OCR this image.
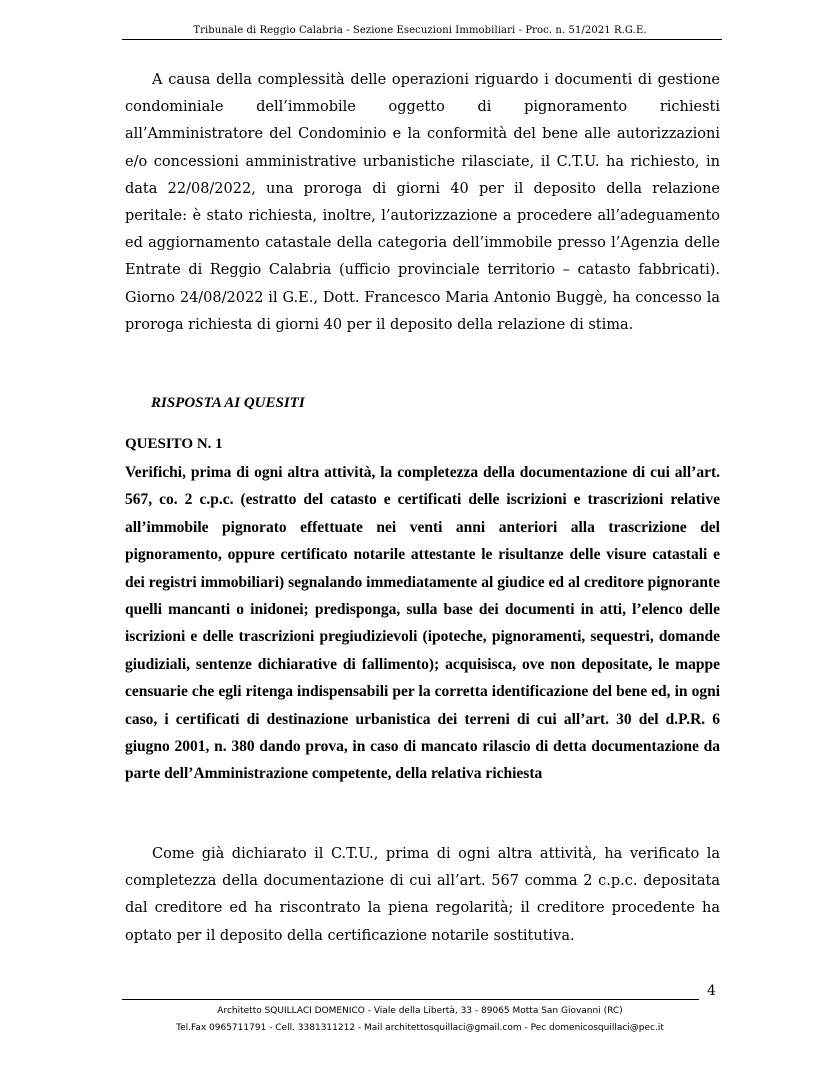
Tribunale di Reggio Calabria - Sezione Esecuzioni Immobiliari - Proc. n. 51/2021 R.G.E.
A causa della complessità delle operazioni riguardo i documenti di gestione condominiale dell’immobile oggetto di pignoramento richiesti all’Amministratore del Condominio e la conformità del bene alle autorizzazioni e/o concessioni amministrative urbanistiche rilasciate, il C.T.U. ha richiesto, in data 22/08/2022, una proroga di giorni 40 per il deposito della relazione peritale: è stato richiesta, inoltre, l’autorizzazione a procedere all’adeguamento ed aggiornamento catastale della categoria dell’immobile presso l’Agenzia delle Entrate di Reggio Calabria (ufficio provinciale territorio – catasto fabbricati). Giorno 24/08/2022 il G.E., Dott. Francesco Maria Antonio Buggè, ha concesso la proroga richiesta di giorni 40 per il deposito della relazione di stima.
RISPOSTA AI QUESITI
QUESITO N. 1
Verifichi, prima di ogni altra attività, la completezza della documentazione di cui all’art. 567, co. 2 c.p.c. (estratto del catasto e certificati delle iscrizioni e trascrizioni relative all’immobile pignorato effettuate nei venti anni anteriori alla trascrizione del pignoramento, oppure certificato notarile attestante le risultanze delle visure catastali e dei registri immobiliari) segnalando immediatamente al giudice ed al creditore pignorante quelli mancanti o inidonei; predisponga, sulla base dei documenti in atti, l’elenco delle iscrizioni e delle trascrizioni pregiudizievoli (ipoteche, pignoramenti, sequestri, domande giudiziali, sentenze dichiarative di fallimento); acquisisca, ove non depositate, le mappe censuarie che egli ritenga indispensabili per la corretta identificazione del bene ed, in ogni caso, i certificati di destinazione urbanistica dei terreni di cui all’art. 30 del d.P.R. 6 giugno 2001, n. 380 dando prova, in caso di mancato rilascio di detta documentazione da parte dell’Amministrazione competente, della relativa richiesta
Come già dichiarato il C.T.U., prima di ogni altra attività, ha verificato la completezza della documentazione di cui all’art. 567 comma 2 c.p.c. depositata dal creditore ed ha riscontrato la piena regolarità; il creditore procedente ha optato per il deposito della certificazione notarile sostitutiva.
4
Architetto SQUILLACI DOMENICO - Viale della Libertà, 33 - 89065 Motta San Giovanni (RC)
Tel.Fax 0965711791 - Cell. 3381311212 - Mail architettosquillaci@gmail.com - Pec domenicosquillaci@pec.it
